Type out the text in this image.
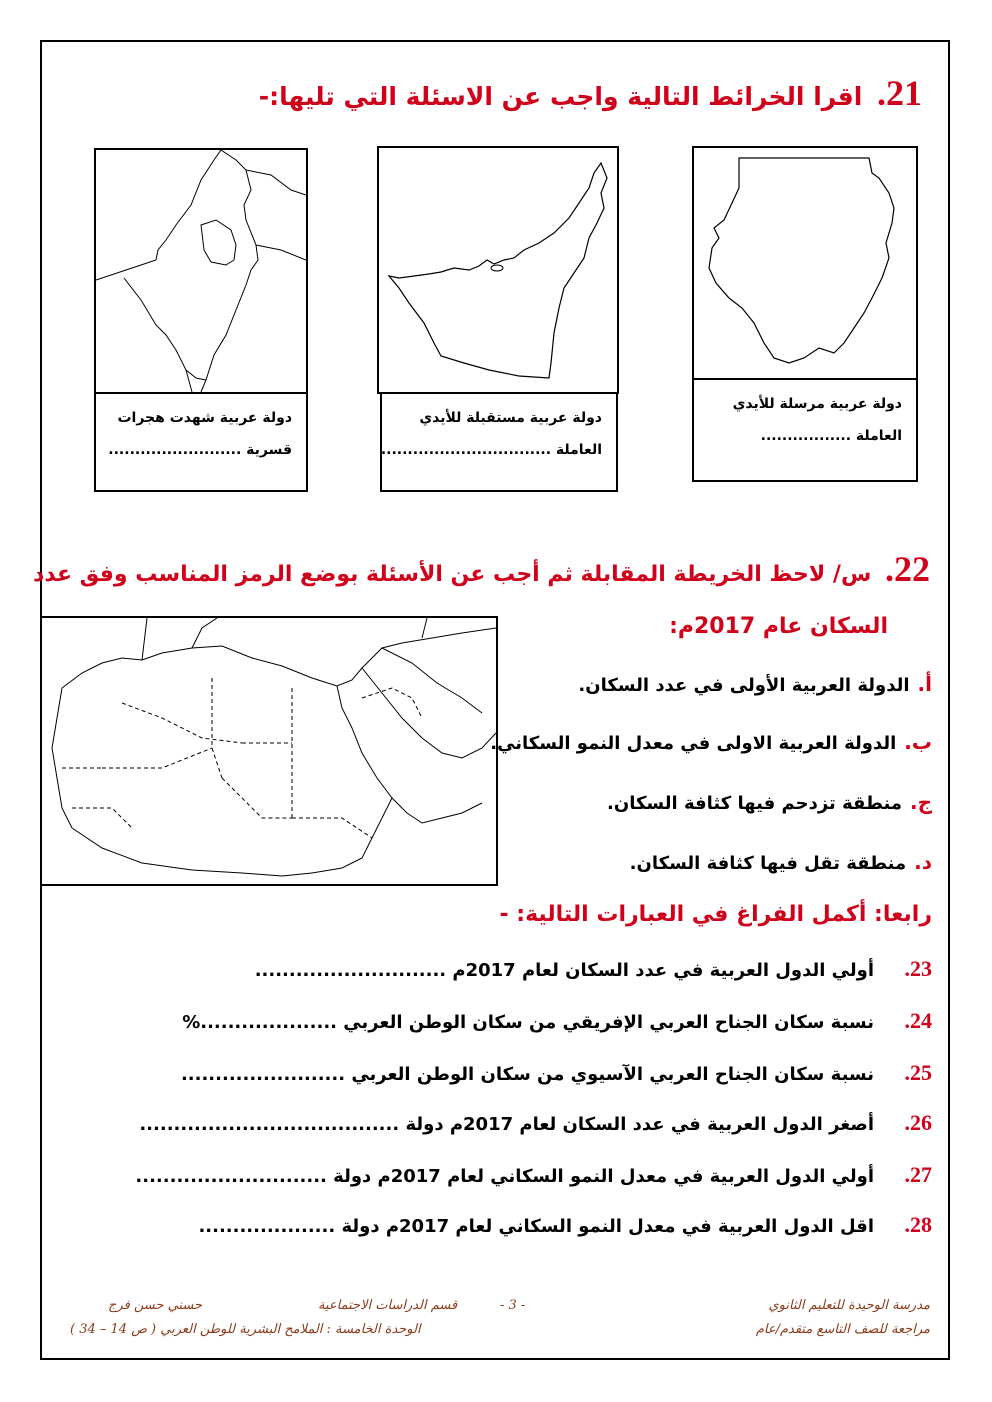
21. اقرا الخرائط التالية واجب عن الاسئلة التي تليها:-
دولة عربية شهدت هجرات
قسرية .........................
دولة عربية مستقبلة للأيدي
العاملة ................................
دولة عربية مرسلة للأيدي
العاملة .................
22. س/ لاحظ الخريطة المقابلة ثم أجب عن الأسئلة بوضع الرمز المناسب وفق عدد
السكان عام 2017م:
أ.الدولة العربية الأولى في عدد السكان.
ب.الدولة العربية الاولى في معدل النمو السكاني.
ج.منطقة تزدحم فيها كثافة السكان.
د.منطقة تقل فيها كثافة السكان.
رابعا: أكمل الفراغ في العبارات التالية: -
23.أولي الدول العربية في عدد السكان لعام 2017م ............................
24.نسبة سكان الجناح العربي الإفريقي من سكان الوطن العربي ....................%
25.نسبة سكان الجناح العربي الآسيوي من سكان الوطن العربي ........................
26.أصغر الدول العربية في عدد السكان لعام 2017م دولة ......................................
27.أولي الدول العربية في معدل النمو السكاني لعام 2017م دولة ............................
28.اقل الدول العربية في معدل النمو السكاني لعام 2017م دولة ....................
مدرسة الوحيدة للتعليم الثانوي
مراجعة للصف التاسع متقدم/عام
- 3 -
قسم الدراسات الاجتماعية
حسني حسن فرج
الوحدة الخامسة : الملامح البشرية للوطن العربي ( ص 14 – 34 )
